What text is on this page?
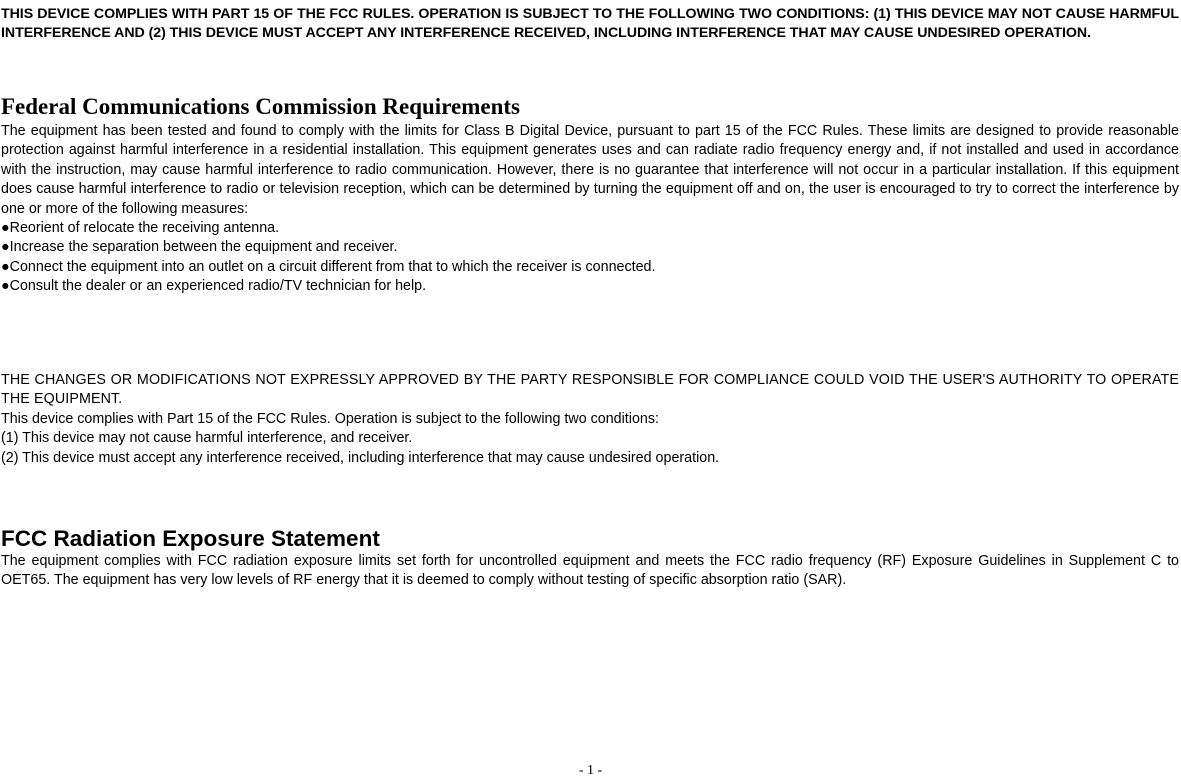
THIS DEVICE COMPLIES WITH PART 15 OF THE FCC RULES. OPERATION IS SUBJECT TO THE FOLLOWING TWO CONDITIONS: (1) THIS DEVICE MAY NOT CAUSE HARMFUL INTERFERENCE AND (2) THIS DEVICE MUST ACCEPT ANY INTERFERENCE RECEIVED, INCLUDING INTERFERENCE THAT MAY CAUSE UNDESIRED OPERATION.
Federal Communications Commission Requirements

The equipment has been tested and found to comply with the limits for Class B Digital Device, pursuant to part 15 of the FCC Rules. These limits are designed to provide reasonable protection against harmful interference in a residential installation. This equipment generates uses and can radiate radio frequency energy and, if not installed and used in accordance with the instruction, may cause harmful interference to radio communication. However, there is no guarantee that interference will not occur in a particular installation. If this equipment does cause harmful interference to radio or television reception, which can be determined by turning the equipment off and on, the user is encouraged to try to correct the interference by one or more of the following measures:

●Reorient of relocate the receiving antenna.
●Increase the separation between the equipment and receiver.
●Connect the equipment into an outlet on a circuit different from that to which the receiver is connected.
●Consult the dealer or an experienced radio/TV technician for help.

THE CHANGES OR MODIFICATIONS NOT EXPRESSLY APPROVED BY THE PARTY RESPONSIBLE FOR COMPLIANCE COULD VOID THE USER'S AUTHORITY TO OPERATE THE EQUIPMENT.

This device complies with Part 15 of the FCC Rules. Operation is subject to the following two conditions:

(1) This device may not cause harmful interference, and receiver.

(2) This device must accept any interference received, including interference that may cause undesired operation.

FCC Radiation Exposure Statement

The equipment complies with FCC radiation exposure limits set forth for uncontrolled equipment and meets the FCC radio frequency (RF) Exposure Guidelines in Supplement C to OET65. The equipment has very low levels of RF energy that it is deemed to comply without testing of specific absorption ratio (SAR).

- 1 -
